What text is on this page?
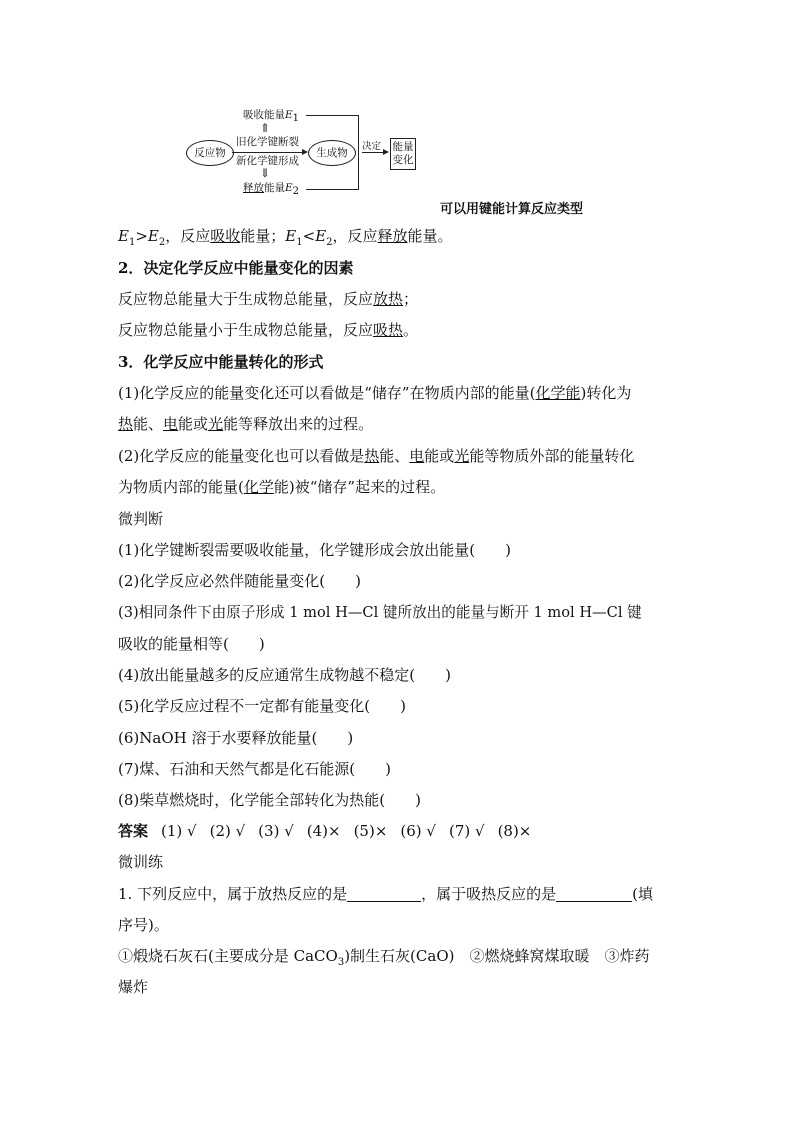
吸收能量$E_1$
⇑
旧化学键断裂
新化学键形成
⇓
释放能量$E_2$
反应物	生成物
决定 能量
变化
可以用键能计算反应类型
$E_1>E_2$，反应吸收能量；$E_1<E_2$，反应释放能量。
2．决定化学反应中能量变化的因素
反应物总能量大于生成物总能量，反应放热；
反应物总能量小于生成物总能量，反应吸热。
3．化学反应中能量转化的形式
(1)化学反应的能量变化还可以看做是“储存”在物质内部的能量(化学能)转化为
热能、电能或光能等释放出来的过程。
(2)化学反应的能量变化也可以看做是热能、电能或光能等物质外部的能量转化
为物质内部的能量(化学能)被“储存”起来的过程。
微判断
(1)化学键断裂需要吸收能量，化学键形成会放出能量(　　)
(2)化学反应必然伴随能量变化(　　)
(3)相同条件下由原子形成 1 mol H—Cl 键所放出的能量与断开 1 mol H—Cl 键
吸收的能量相等(　　)
(4)放出能量越多的反应通常生成物越不稳定(　　)
(5)化学反应过程不一定都有能量变化(　　)
(6)NaOH 溶于水要释放能量(　　)
(7)煤、石油和天然气都是化石能源(　　)
(8)柴草燃烧时，化学能全部转化为热能(　　)
答案 (1) √ (2) √ (3) √ (4)× (5)× (6) √ (7) √ (8)×
微训练
1. 下列反应中，属于放热反应的是	，属于吸热反应的是	(填
序号)。
①煅烧石灰石(主要成分是 CaCO$_3$)制生石灰(CaO)　②燃烧蜂窝煤取暖　③炸药
爆炸
